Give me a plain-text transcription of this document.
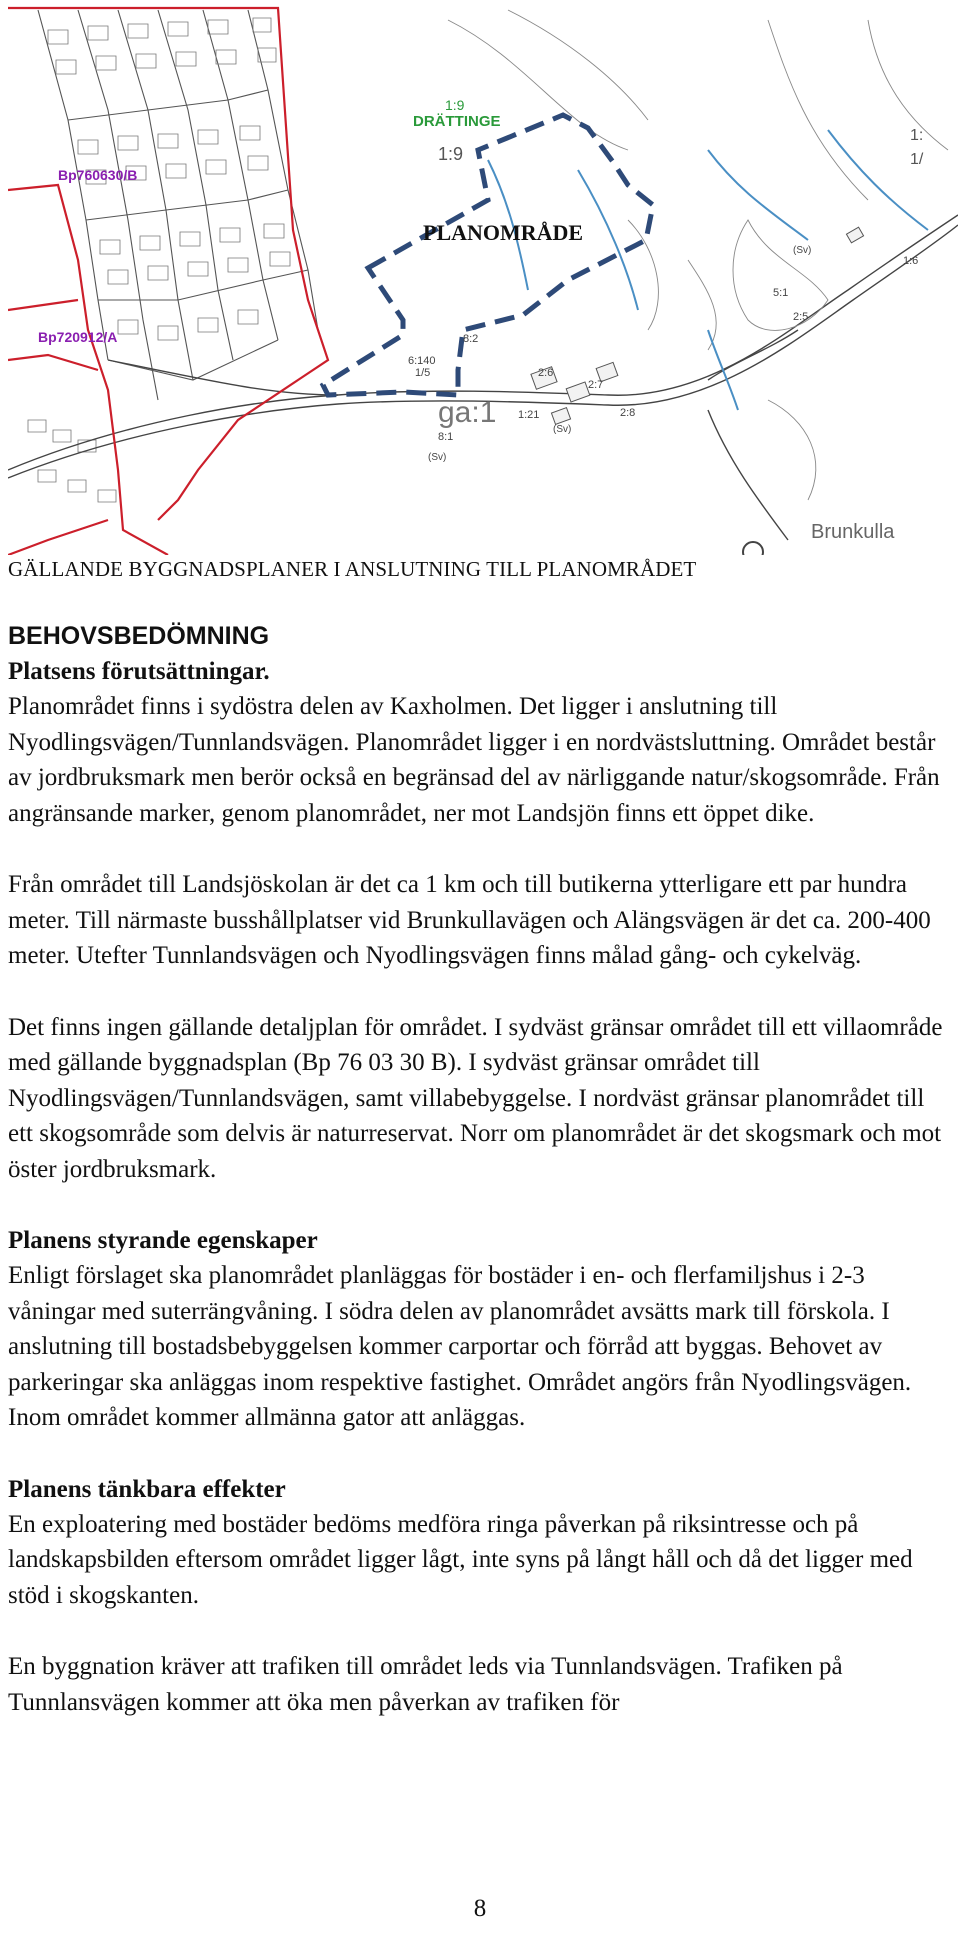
Bp760630/B
Bp720912/A
PLANOMRÅDE
1:9
DRÄTTINGE
1:9
ga:1
Brunkulla
(Sv)
(Sv)
(Sv)
8:2
6:140
1/5	2:6
2:7
2:8
1:21
8:1
5:1
2:5
1:6
1:
1/
GÄLLANDE BYGGNADSPLANER I ANSLUTNING TILL PLANOMRÅDET
BEHOVSBEDÖMNING
Platsens förutsättningar.

Planområdet finns i sydöstra delen av Kaxholmen. Det ligger i anslutning till Nyodlingsvägen/Tunnlandsvägen. Planområdet ligger i en nordvästsluttning. Området består av jordbruksmark men berör också en begränsad del av närliggande natur/skogsområde. Från angränsande marker, genom planområdet, ner mot Landsjön finns ett öppet dike.

Från området till Landsjöskolan är det ca 1 km och till butikerna ytterligare ett par hundra meter. Till närmaste busshållplatser vid Brunkullavägen och Alängsvägen är det ca. 200-400 meter. Utefter Tunnlandsvägen och Nyodlingsvägen finns målad gång- och cykelväg.

Det finns ingen gällande detaljplan för området. I sydväst gränsar området till ett villaområde med gällande byggnadsplan (Bp 76 03 30 B). I sydväst gränsar området till Nyodlingsvägen/Tunnlandsvägen, samt villabebyggelse. I nordväst gränsar planområdet till ett skogsområde som delvis är naturreservat. Norr om planområdet är det skogsmark och mot öster jordbruksmark.

Planens styrande egenskaper

Enligt förslaget ska planområdet planläggas för bostäder i en- och flerfamiljshus i 2-3 våningar med suterrängvåning. I södra delen av planområdet avsätts mark till förskola. I anslutning till bostadsbebyggelsen kommer carportar och förråd att byggas. Behovet av parkeringar ska anläggas inom respektive fastighet. Området angörs från Nyodlingsvägen. Inom området kommer allmänna gator att anläggas.

Planens tänkbara effekter

En exploatering med bostäder bedöms medföra ringa påverkan på riksintresse och på landskapsbilden eftersom området ligger lågt, inte syns på långt håll och då det ligger med stöd i skogskanten.

En byggnation kräver att trafiken till området leds via Tunnlandsvägen. Trafiken på Tunnlansvägen kommer att öka men påverkan av trafiken för

8
